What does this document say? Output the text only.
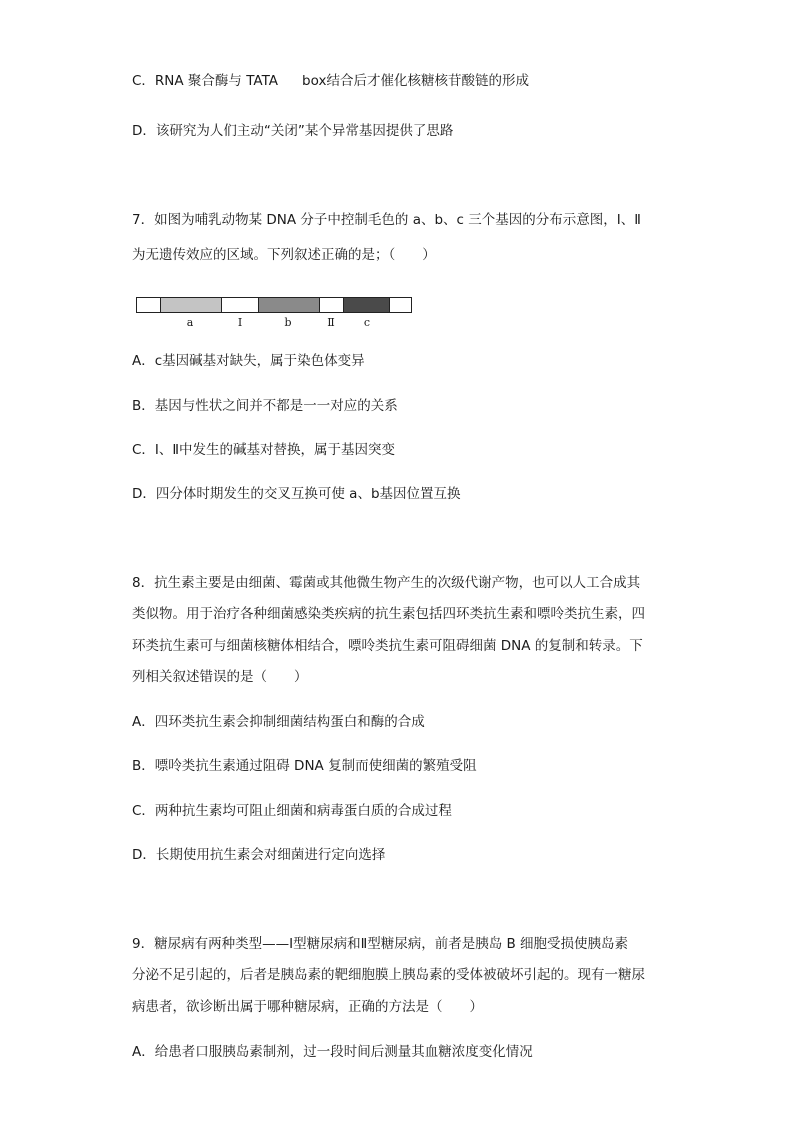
C．RNA 聚合酶与 TATA box结合后才催化核糖核苷酸链的形成
D．该研究为人们主动“关闭”某个异常基因提供了思路
7．如图为哺乳动物某 DNA 分子中控制毛色的 a、b、c 三个基因的分布示意图，Ⅰ、Ⅱ
为无遗传效应的区域。下列叙述正确的是；（　　）
a	Ⅰ	b	Ⅱ	c
A．c基因碱基对缺失，属于染色体变异
B．基因与性状之间并不都是一一对应的关系
C．Ⅰ、Ⅱ中发生的碱基对替换，属于基因突变
D．四分体时期发生的交叉互换可使 a、b基因位置互换
8．抗生素主要是由细菌、霉菌或其他微生物产生的次级代谢产物，也可以人工合成其
类似物。用于治疗各种细菌感染类疾病的抗生素包括四环类抗生素和嘌呤类抗生素，四
环类抗生素可与细菌核糖体相结合，嘌呤类抗生素可阻碍细菌 DNA 的复制和转录。下
列相关叙述错误的是（　　）
A．四环类抗生素会抑制细菌结构蛋白和酶的合成
B．嘌呤类抗生素通过阻碍 DNA 复制而使细菌的繁殖受阻
C．两种抗生素均可阻止细菌和病毒蛋白质的合成过程
D．长期使用抗生素会对细菌进行定向选择
9．糖尿病有两种类型——Ⅰ型糖尿病和Ⅱ型糖尿病，前者是胰岛 B 细胞受损使胰岛素
分泌不足引起的，后者是胰岛素的靶细胞膜上胰岛素的受体被破坏引起的。现有一糖尿
病患者，欲诊断出属于哪种糖尿病，正确的方法是（　　）
A．给患者口服胰岛素制剂，过一段时间后测量其血糖浓度变化情况
